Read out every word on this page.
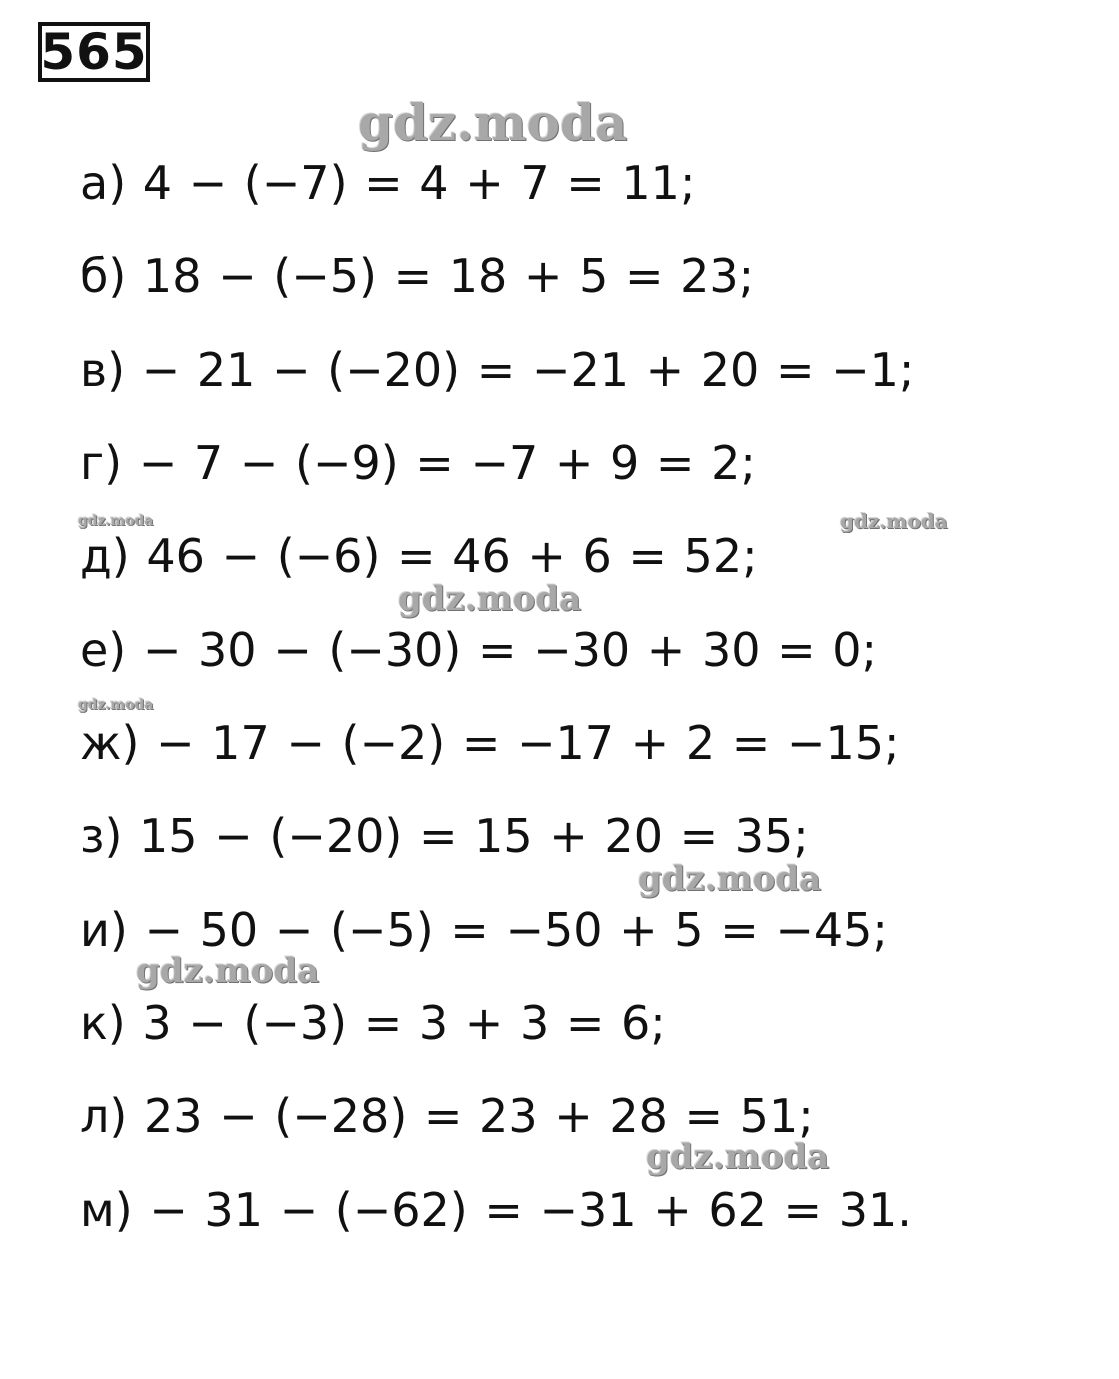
565
а) 4 − (−7) = 4 + 7 = 11;
б) 18 − (−5) = 18 + 5 = 23;
в) − 21 − (−20) = −21 + 20 = −1;
г) − 7 − (−9) = −7 + 9 = 2;
д) 46 − (−6) = 46 + 6 = 52;
е) − 30 − (−30) = −30 + 30 = 0;
ж) − 17 − (−2) = −17 + 2 = −15;
з) 15 − (−20) = 15 + 20 = 35;
и) − 50 − (−5) = −50 + 5 = −45;
к) 3 − (−3) = 3 + 3 = 6;
л) 23 − (−28) = 23 + 28 = 51;
м) − 31 − (−62) = −31 + 62 = 31.
gdz.moda
gdz.moda	gdz.moda
gdz.moda
gdz.moda
gdz.moda
gdz.moda
gdz.moda
